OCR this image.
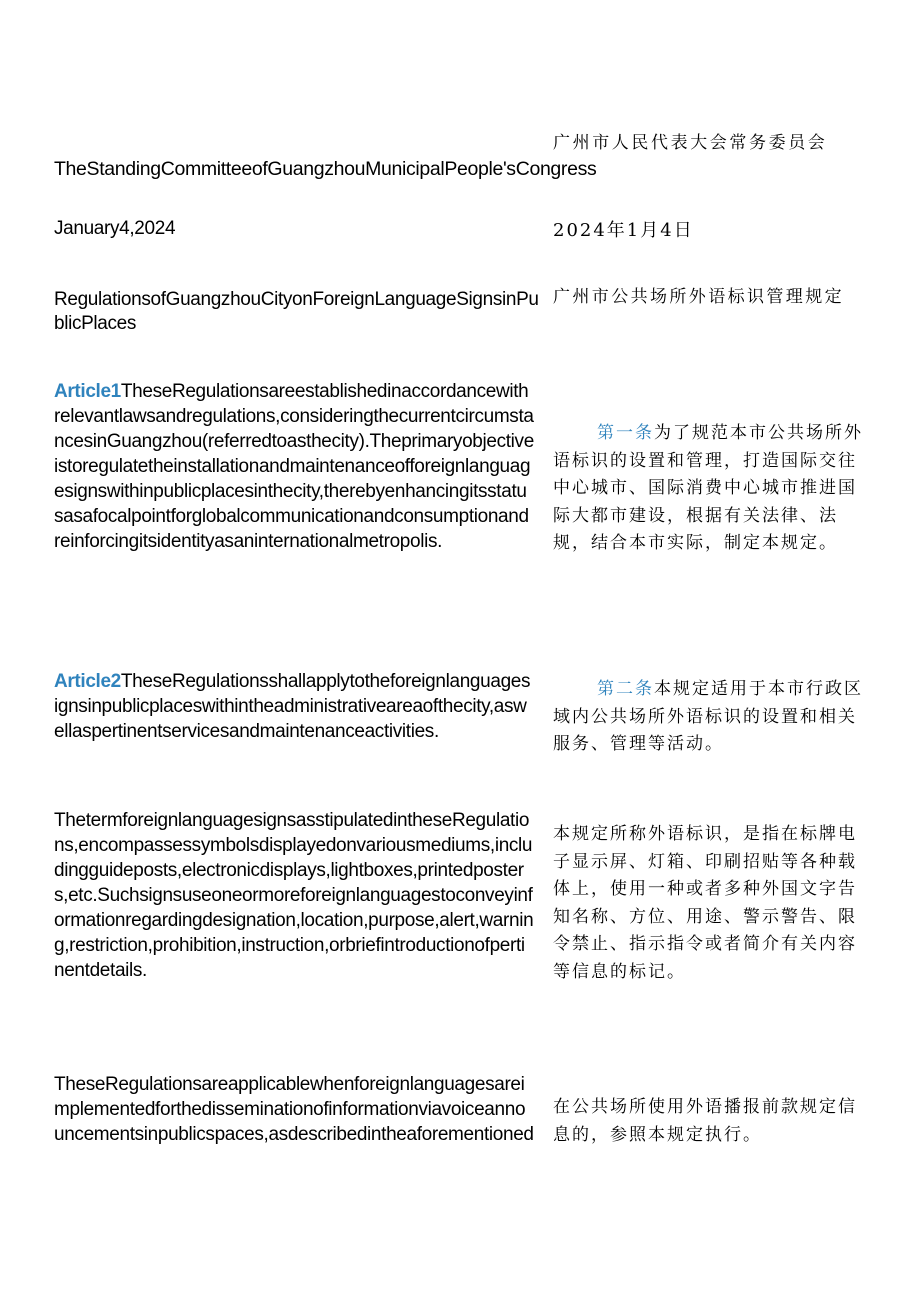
广州市人民代表大会常务委员会
TheStandingCommitteeofGuangzhouMunicipalPeople'sCongress
January4,2024	2024年1月4日
RegulationsofGuangzhouCityonForeignLanguageSignsinPublicPlaces
广州市公共场所外语标识管理规定
Article1TheseRegulationsareestablishedinaccordancewithrelevantlawsandregulations,consideringthecurrentcircumstancesinGuangzhou(referredtoasthecity).Theprimaryobjectiveistoregulatetheinstallationandmaintenanceofforeignlanguagesignswithinpublicplacesinthecity,therebyenhancingitsstatusasafocalpointforglobalcommunicationandconsumptionandreinforcingitsidentityasaninternationalmetropolis.
第一条为了规范本市公共场所外语标识的设置和管理，打造国际交往中心城市、国际消费中心城市推进国际大都市建设，根据有关法律、法规，结合本市实际，制定本规定。
Article2TheseRegulationsshallapplytotheforeignlanguagesignsinpublicplaceswithintheadministrativeareaofthecity,aswellaspertinentservicesandmaintenanceactivities.
第二条本规定适用于本市行政区域内公共场所外语标识的设置和相关服务、管理等活动。
ThetermforeignlanguagesignsasstipulatedintheseRegulations,encompassessymbolsdisplayedonvariousmediums,includingguideposts,electronicdisplays,lightboxes,printedposters,etc.Suchsignsuseoneormoreforeignlanguagestoconveyinformationregardingdesignation,location,purpose,alert,warning,restriction,prohibition,instruction,orbriefintroductionofpertinentdetails.
本规定所称外语标识，是指在标牌电子显示屏、灯箱、印刷招贴等各种载体上，使用一种或者多种外国文字告知名称、方位、用途、警示警告、限令禁止、指示指令或者简介有关内容等信息的标记。
TheseRegulationsareapplicablewhenforeignlanguagesareimplementedforthedisseminationofinformationviavoiceannouncementsinpublicspaces,asdescribedintheaforementioned
在公共场所使用外语播报前款规定信息的，参照本规定执行。
